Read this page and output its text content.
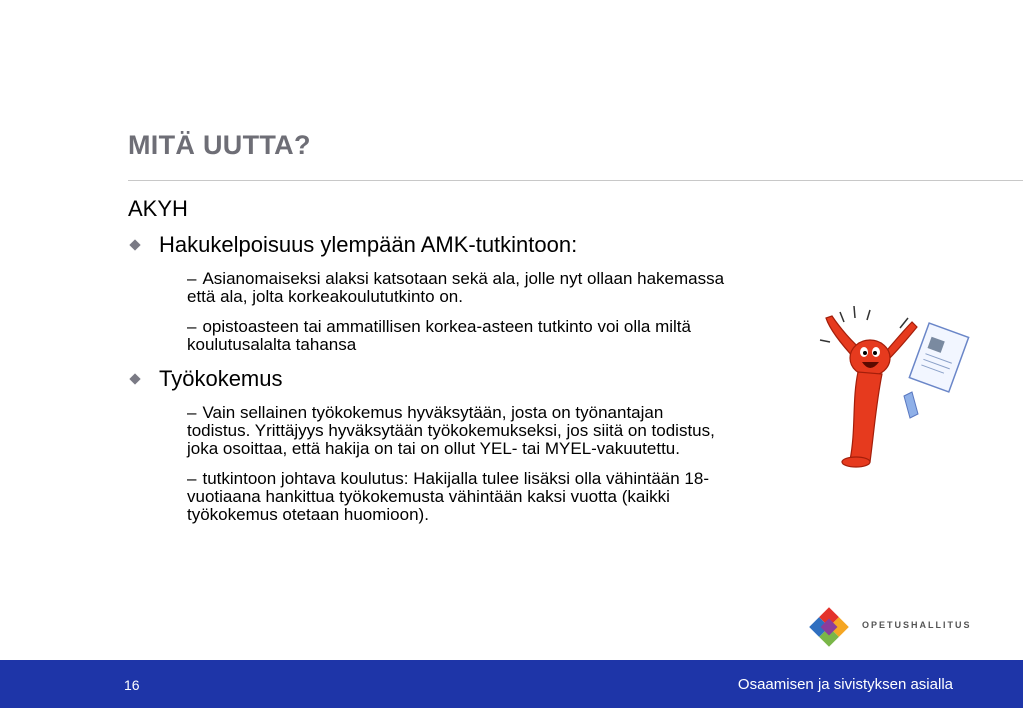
MITÄ UUTTA?
AKYH
Hakukelpoisuus ylempään AMK-tutkintoon:
– Asianomaiseksi alaksi katsotaan sekä ala, jolle nyt ollaan hakemassa että ala, jolta korkeakoulututkinto on.
– opistoasteen tai ammatillisen korkea-asteen tutkinto voi olla miltä koulutusalalta tahansa
Työkokemus
– Vain sellainen työkokemus hyväksytään, josta on työnantajan todistus. Yrittäjyys hyväksytään työkokemukseksi, jos siitä on todistus, joka osoittaa, että hakija on tai on ollut YEL- tai MYEL-vakuutettu.
– tutkintoon johtava koulutus: Hakijalla tulee lisäksi olla vähintään 18-vuotiaana hankittua työkokemusta vähintään kaksi vuotta (kaikki työkokemus otetaan huomioon).
OPETUSHALLITUS
16	Osaamisen ja sivistyksen asialla
